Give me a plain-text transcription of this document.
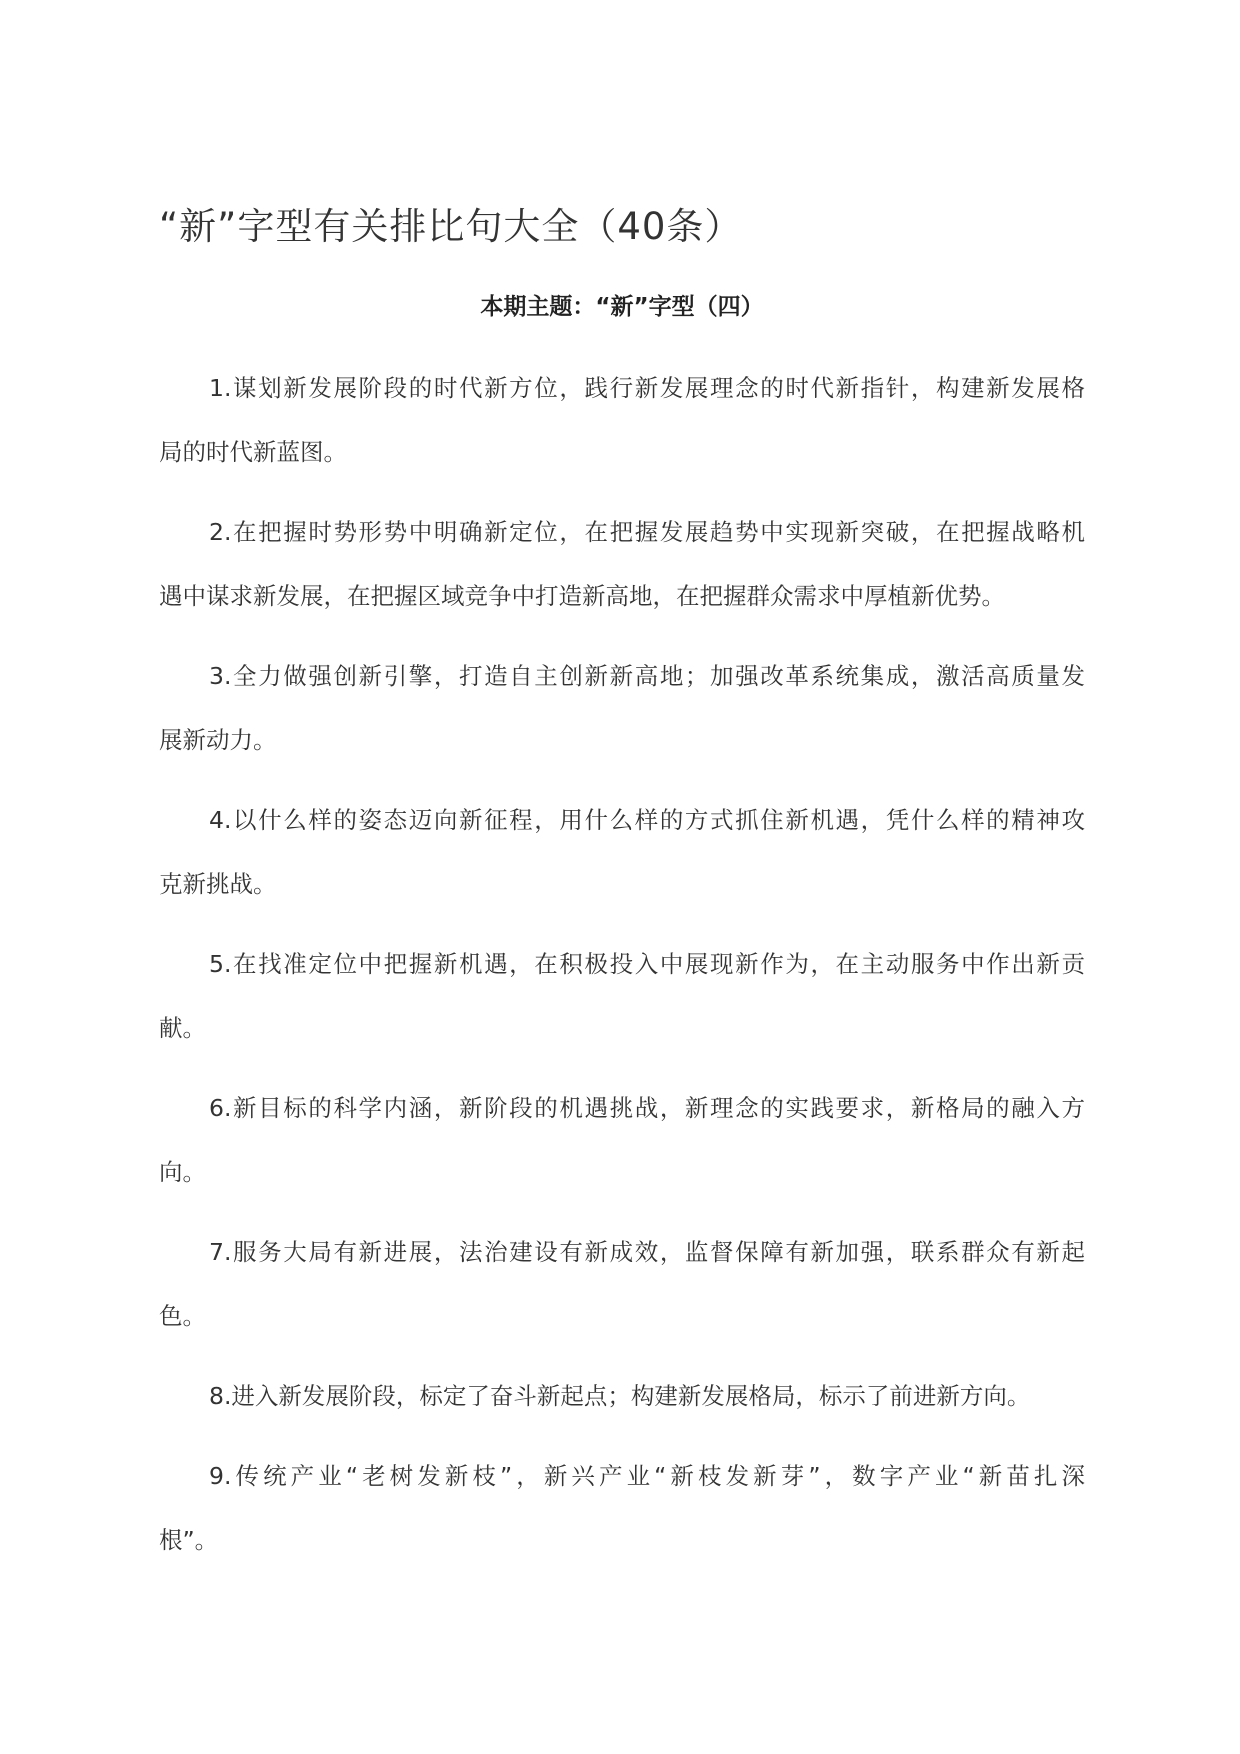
“新”字型有关排比句大全（40条）
本期主题：“新”字型（四）

1.谋划新发展阶段的时代新方位，践行新发展理念的时代新指针，构建新发展格
局的时代新蓝图。

2.在把握时势形势中明确新定位，在把握发展趋势中实现新突破，在把握战略机
遇中谋求新发展，在把握区域竞争中打造新高地，在把握群众需求中厚植新优势。

3.全力做强创新引擎，打造自主创新新高地；加强改革系统集成，激活高质量发
展新动力。

4.以什么样的姿态迈向新征程，用什么样的方式抓住新机遇，凭什么样的精神攻
克新挑战。

5.在找准定位中把握新机遇，在积极投入中展现新作为，在主动服务中作出新贡
献。

6.新目标的科学内涵，新阶段的机遇挑战，新理念的实践要求，新格局的融入方
向。

7.服务大局有新进展，法治建设有新成效，监督保障有新加强，联系群众有新起
色。

8.进入新发展阶段，标定了奋斗新起点；构建新发展格局，标示了前进新方向。

9.传统产业“老树发新枝”，新兴产业“新枝发新芽”，数字产业“新苗扎深
根”。
